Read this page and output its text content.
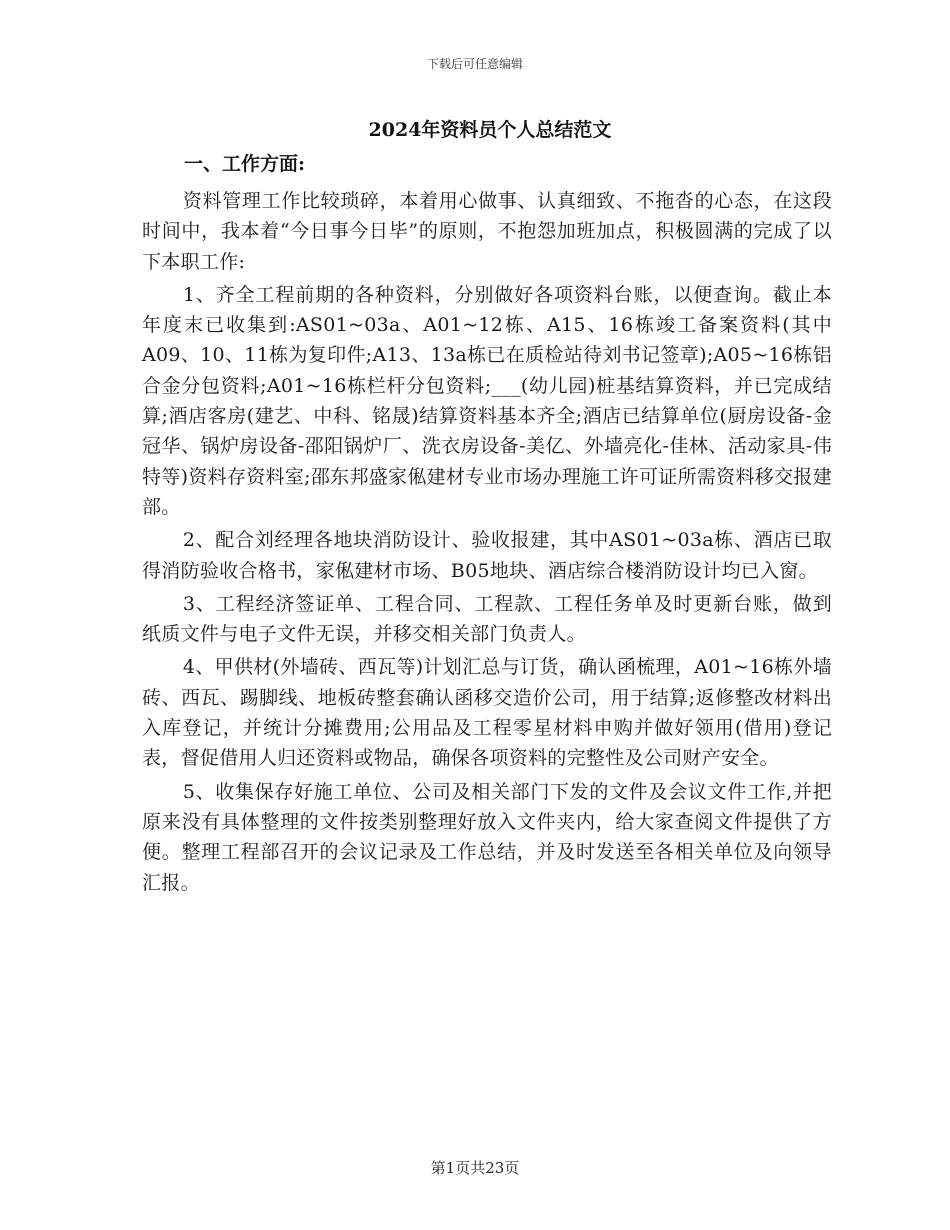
下载后可任意编辑
2024年资料员个人总结范文
一、工作方面:

资料管理工作比较琐碎，本着用心做事、认真细致、不拖沓的心态，在这段时间中，我本着“今日事今日毕”的原则，不抱怨加班加点，积极圆满的完成了以下本职工作:

1、齐全工程前期的各种资料，分别做好各项资料台账，以便查询。截止本年度末已收集到:AS01~03a、A01~12栋、A15、16栋竣工备案资料(其中A09、10、11栋为复印件;A13、13a栋已在质检站待刘书记签章);A05~16栋铝合金分包资料;A01~16栋栏杆分包资料;___(幼儿园)桩基结算资料，并已完成结算;酒店客房(建艺、中科、铭晟)结算资料基本齐全;酒店已结算单位(厨房设备-金冠华、锅炉房设备-邵阳锅炉厂、洗衣房设备-美亿、外墙亮化-佳林、活动家具-伟特等)资料存资料室;邵东邦盛家俬建材专业市场办理施工许可证所需资料移交报建部。

2、配合刘经理各地块消防设计、验收报建，其中AS01~03a栋、酒店已取得消防验收合格书，家俬建材市场、B05地块、酒店综合楼消防设计均已入窗。

3、工程经济签证单、工程合同、工程款、工程任务单及时更新台账，做到纸质文件与电子文件无误，并移交相关部门负责人。

4、甲供材(外墙砖、西瓦等)计划汇总与订货，确认函梳理，A01~16栋外墙砖、西瓦、踢脚线、地板砖整套确认函移交造价公司，用于结算;返修整改材料出入库登记，并统计分摊费用;公用品及工程零星材料申购并做好领用(借用)登记表，督促借用人归还资料或物品，确保各项资料的完整性及公司财产安全。

5、收集保存好施工单位、公司及相关部门下发的文件及会议文件工作,并把原来没有具体整理的文件按类别整理好放入文件夹内，给大家查阅文件提供了方便。整理工程部召开的会议记录及工作总结，并及时发送至各相关单位及向领导汇报。

第1页共23页
